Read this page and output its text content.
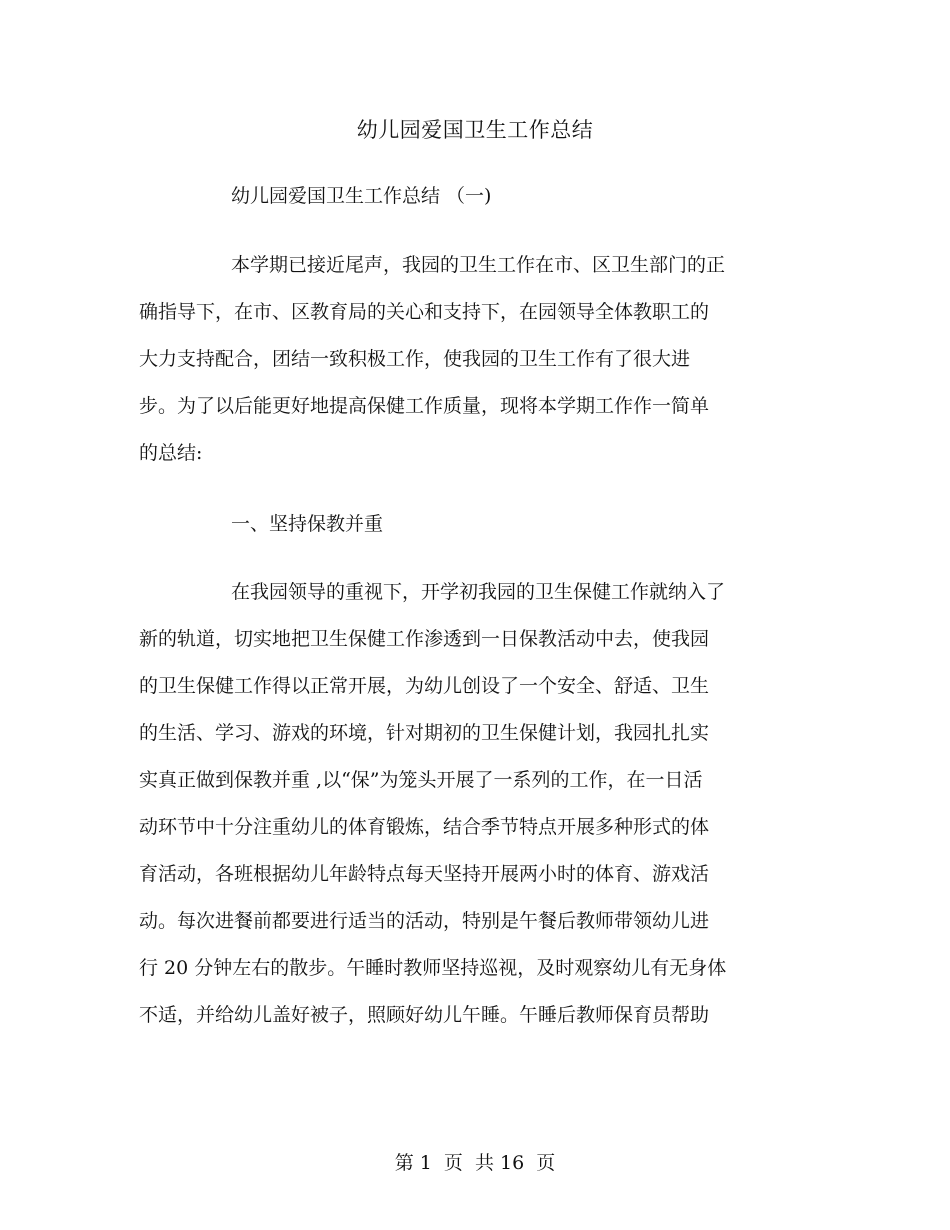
幼儿园爱国卫生工作总结

幼儿园爱国卫生工作总结 （一)

本学期已接近尾声，我园的卫生工作在市、区卫生部门的正

确指导下，在市、区教育局的关心和支持下，在园领导全体教职工的

大力支持配合，团结一致积极工作，使我园的卫生工作有了很大进

步。为了以后能更好地提高保健工作质量，现将本学期工作作一简单

的总结:

一、坚持保教并重

在我园领导的重视下，开学初我园的卫生保健工作就纳入了

新的轨道，切实地把卫生保健工作渗透到一日保教活动中去，使我园

的卫生保健工作得以正常开展，为幼儿创设了一个安全、舒适、卫生

的生活、学习、游戏的环境，针对期初的卫生保健计划，我园扎扎实

实真正做到保教并重 ,以“保”为笼头开展了一系列的工作，在一日活

动环节中十分注重幼儿的体育锻炼，结合季节特点开展多种形式的体

育活动，各班根据幼儿年龄特点每天坚持开展两小时的体育、游戏活

动。每次进餐前都要进行适当的活动，特别是午餐后教师带领幼儿进

行 20 分钟左右的散步。午睡时教师坚持巡视，及时观察幼儿有无身体

不适，并给幼儿盖好被子，照顾好幼儿午睡。午睡后教师保育员帮助

第 1  页  共 16  页
